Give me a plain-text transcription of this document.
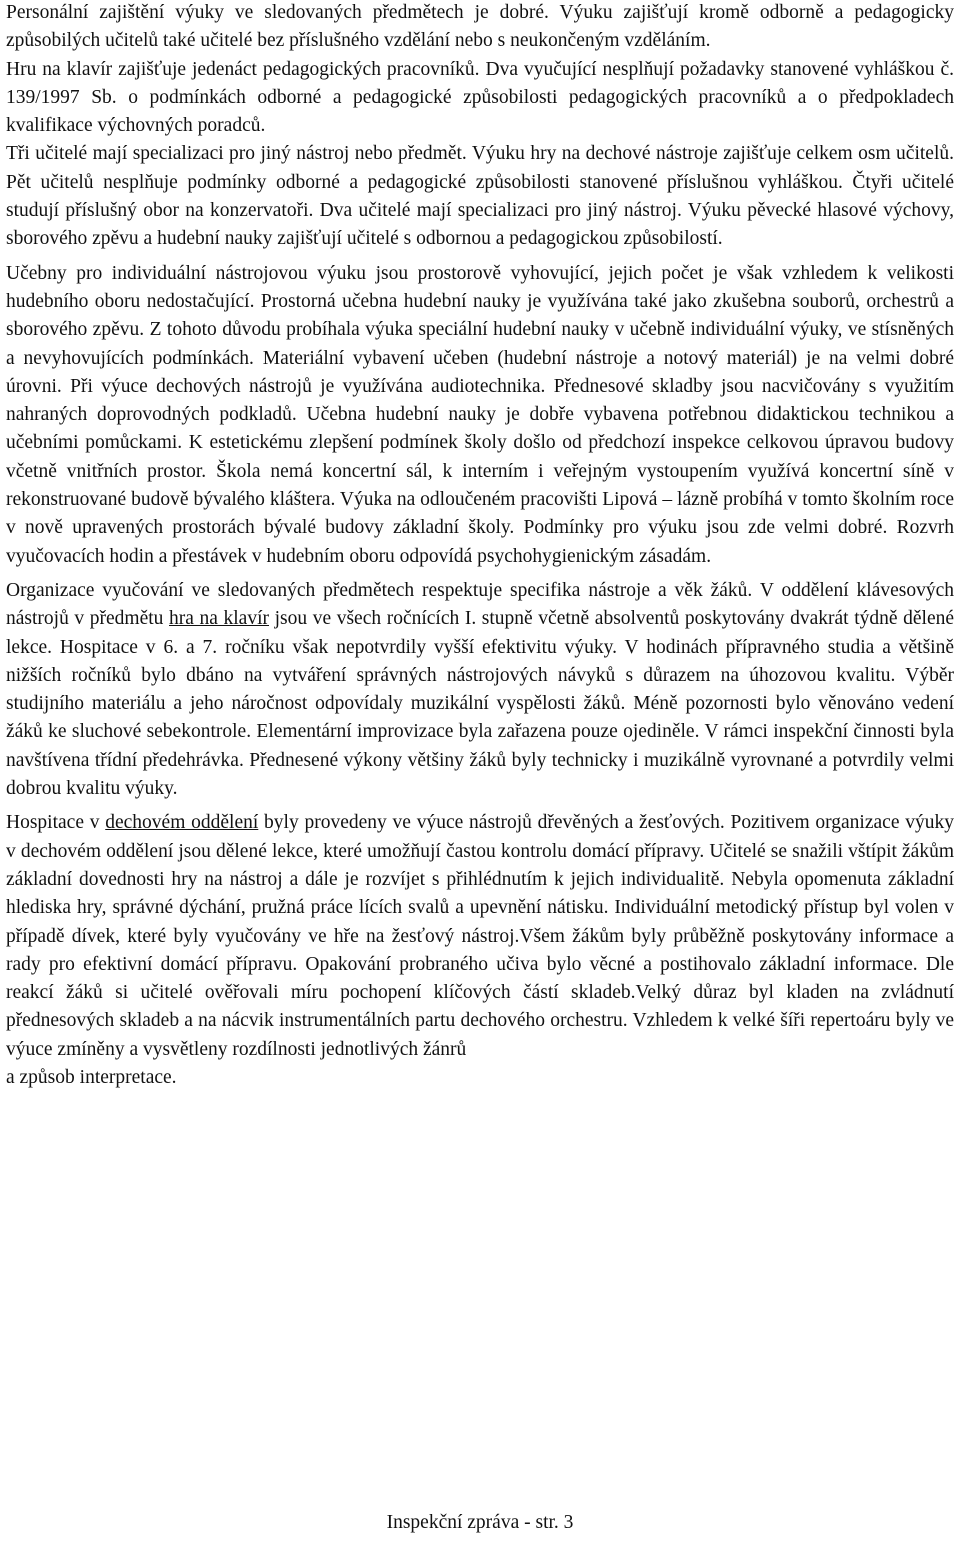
Personální zajištění výuky ve sledovaných předmětech je dobré. Výuku zajišťují kromě odborně a pedagogicky způsobilých učitelů také učitelé bez příslušného vzdělání nebo s neukončeným vzděláním.

Hru na klavír zajišťuje jedenáct pedagogických pracovníků. Dva vyučující nesplňují požadavky stanovené vyhláškou č. 139/1997 Sb. o podmínkách odborné a pedagogické způsobilosti pedagogických pracovníků a o předpokladech kvalifikace výchovných poradců.

Tři učitelé mají specializaci pro jiný nástroj nebo předmět. Výuku hry na dechové nástroje zajišťuje celkem osm učitelů. Pět učitelů nesplňuje podmínky odborné a pedagogické způsobilosti stanovené příslušnou vyhláškou. Čtyři učitelé studují příslušný obor na konzervatoři. Dva učitelé mají specializaci pro jiný nástroj. Výuku pěvecké hlasové výchovy, sborového zpěvu a hudební nauky zajišťují učitelé s odbornou a pedagogickou způsobilostí.

Učebny pro individuální nástrojovou výuku jsou prostorově vyhovující, jejich počet je však vzhledem k velikosti hudebního oboru nedostačující. Prostorná učebna hudební nauky je využívána také jako zkušebna souborů, orchestrů a sborového zpěvu. Z tohoto důvodu probíhala výuka speciální hudební nauky v učebně individuální výuky, ve stísněných a nevyhovujících podmínkách. Materiální vybavení učeben (hudební nástroje a notový materiál) je na velmi dobré úrovni. Při výuce dechových nástrojů je využívána audiotechnika. Přednesové skladby jsou nacvičovány s využitím nahraných doprovodných podkladů. Učebna hudební nauky je dobře vybavena potřebnou didaktickou technikou a učebními pomůckami. K estetickému zlepšení podmínek školy došlo od předchozí inspekce celkovou úpravou budovy včetně vnitřních prostor. Škola nemá koncertní sál, k interním i veřejným vystoupením využívá koncertní síně v rekonstruované budově bývalého kláštera. Výuka na odloučeném pracovišti Lipová – lázně probíhá v tomto školním roce v nově upravených prostorách bývalé budovy základní školy. Podmínky pro výuku jsou zde velmi dobré. Rozvrh vyučovacích hodin a přestávek v hudebním oboru odpovídá psychohygienickým zásadám.

Organizace vyučování ve sledovaných předmětech respektuje specifika nástroje a věk žáků. V oddělení klávesových nástrojů v předmětu hra na klavír jsou ve všech ročnících I. stupně včetně absolventů poskytovány dvakrát týdně dělené lekce. Hospitace v 6. a 7. ročníku však nepotvrdily vyšší efektivitu výuky. V hodinách přípravného studia a většině nižších ročníků bylo dbáno na vytváření správných nástrojových návyků s důrazem na úhozovou kvalitu. Výběr studijního materiálu a jeho náročnost odpovídaly muzikální vyspělosti žáků. Méně pozornosti bylo věnováno vedení žáků ke sluchové sebekontrole. Elementární improvizace byla zařazena pouze ojediněle. V rámci inspekční činnosti byla navštívena třídní předehrávka. Přednesené výkony většiny žáků byly technicky i muzikálně vyrovnané a potvrdily velmi dobrou kvalitu výuky.

Hospitace v dechovém oddělení byly provedeny ve výuce nástrojů dřevěných a žesťových. Pozitivem organizace výuky v dechovém oddělení jsou dělené lekce, které umožňují častou kontrolu domácí přípravy. Učitelé se snažili vštípit žákům základní dovednosti hry na nástroj a dále je rozvíjet s přihlédnutím k jejich individualitě. Nebyla opomenuta základní hlediska hry, správné dýchání, pružná práce lících svalů a upevnění nátisku. Individuální metodický přístup byl volen v případě dívek, které byly vyučovány ve hře na žesťový nástroj.Všem žákům byly průběžně poskytovány informace a rady pro efektivní domácí přípravu. Opakování probraného učiva bylo věcné a postihovalo základní informace. Dle reakcí žáků si učitelé ověřovali míru pochopení klíčových částí skladeb.Velký důraz byl kladen na zvládnutí přednesových skladeb a na nácvik instrumentálních partu dechového orchestru. Vzhledem k velké šíři repertoáru byly ve výuce zmíněny a vysvětleny rozdílnosti jednotlivých žánrů
a způsob interpretace.

Inspekční zpráva - str. 3
